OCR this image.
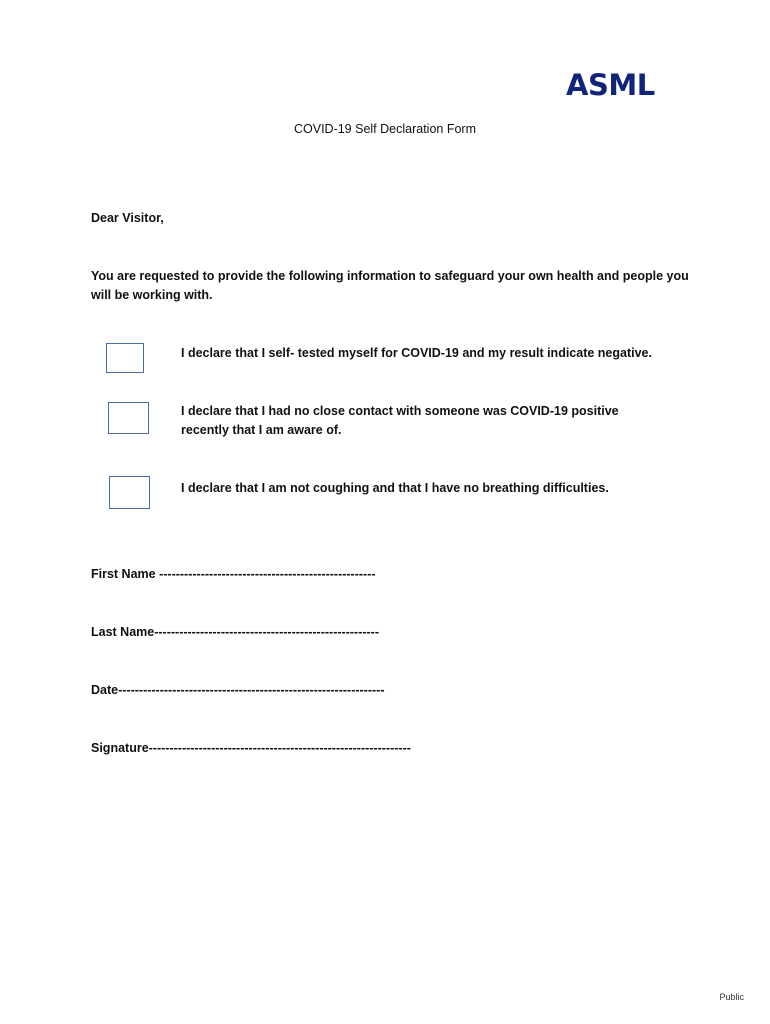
ASML
COVID-19 Self Declaration Form
Dear Visitor,
You are requested to provide the following information to safeguard your own health and people you will be working with.
I declare that I self- tested myself for COVID-19 and my result indicate negative.
I declare that I had no close contact with someone was COVID-19 positive recently that I am aware of.
I declare that I am not coughing and that I have no breathing difficulties.
First Name ----------------------------------------------------
Last Name------------------------------------------------------
Date----------------------------------------------------------------
Signature---------------------------------------------------------------
Public
